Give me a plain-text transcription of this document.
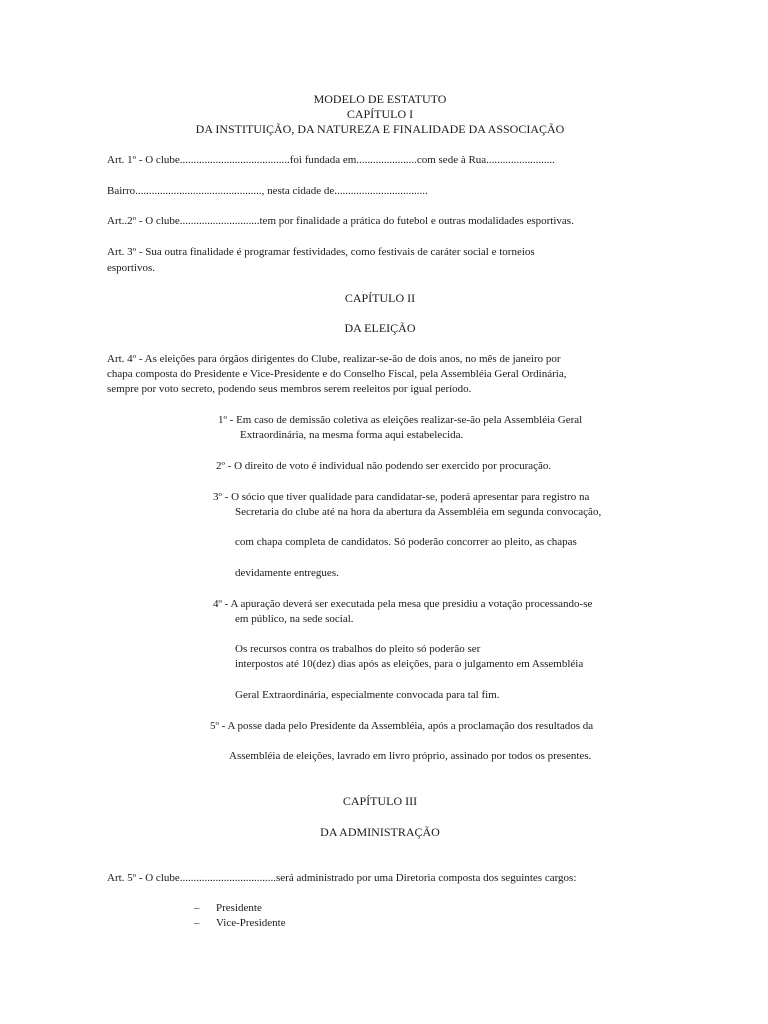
MODELO DE ESTATUTO
CAPÍTULO I
DA INSTITUIÇÃO, DA NATUREZA E FINALIDADE DA ASSOCIAÇÃO
Art. 1º - O clube........................................foi fundada em......................com sede à Rua.........................
Bairro.............................................., nesta cidade de..................................
Art..2º - O clube.............................tem por finalidade a prática do futebol e outras modalidades esportivas.
Art. 3º - Sua outra finalidade é programar festividades, como festivais de caráter social e torneios
esportivos.
CAPÍTULO II
DA ELEIÇÃO
Art. 4º - As eleições para órgãos dirigentes do Clube, realizar-se-ão de dois anos, no mês de janeiro por
chapa composta do Presidente e Vice-Presidente e do Conselho Fiscal, pela Assembléia Geral Ordinária,
sempre por voto secreto, podendo seus membros serem reeleitos por igual período.
1º - Em caso de demissão coletiva as eleições realizar-se-ão pela Assembléia Geral
Extraordinária, na mesma forma aqui estabelecida.
2º - O direito de voto é individual não podendo ser exercido por procuração.
3º - O sócio que tiver qualidade para candidatar-se, poderá apresentar para registro na
Secretaria do clube até na hora da abertura da Assembléia em segunda convocação,
com chapa completa de candidatos. Só poderão concorrer ao pleito, as chapas
devidamente entregues.
4º - A apuração deverá ser executada pela mesa que presidiu a votação processando-se
em público, na sede social.
Os recursos contra os trabalhos do pleito só poderão ser
interpostos até 10(dez) dias após as eleições, para o julgamento em Assembléia
Geral Extraordinária, especialmente convocada para tal fim.
5º - A posse dada pelo Presidente da Assembléia, após a proclamação dos resultados da
Assembléia de eleições, lavrado em livro próprio, assinado por todos os presentes.
CAPÍTULO III
DA ADMINISTRAÇÃO
Art. 5º - O clube...................................será administrado por uma Diretoria composta dos seguintes cargos:
– Presidente
– Vice-Presidente
